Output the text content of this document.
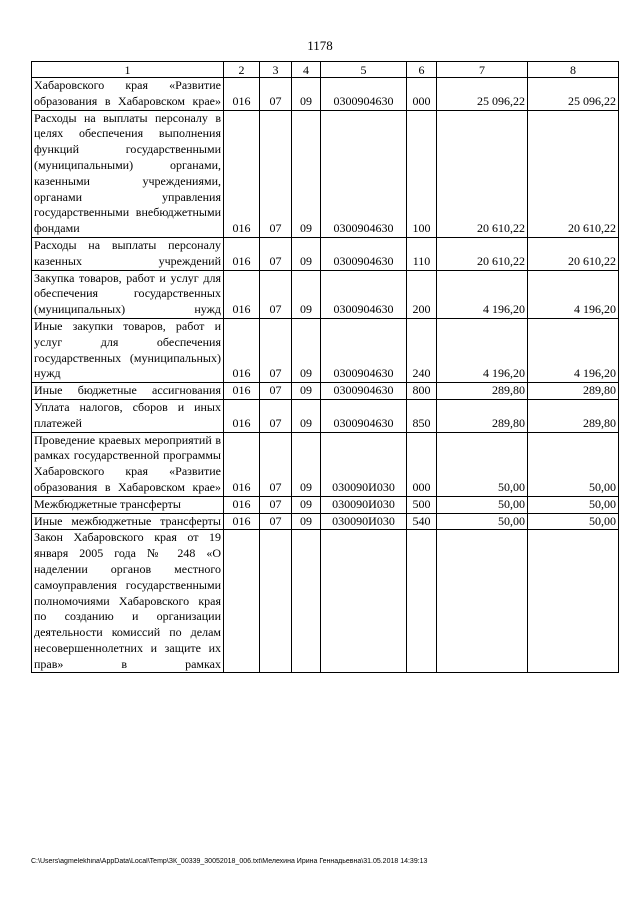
1178
1	2	3	4	5	6	7	8
Хабаровского края «Развитие образования в Хабаровском крае»	016	07	09	0300904630	000	25 096,22	25 096,22
Расходы на выплаты персоналу в целях обеспечения выполнения функций государственными (муниципальными) органами, казенными учреждениями, органами управления государственными внебюджетными фондами	016	07	09	0300904630	100	20 610,22	20 610,22
Расходы на выплаты персоналу казенных учреждений	016	07	09	0300904630	110	20 610,22	20 610,22
Закупка товаров, работ и услуг для обеспечения государственных (муниципальных) нужд	016	07	09	0300904630	200	4 196,20	4 196,20
Иные закупки товаров, работ и услуг для обеспечения государственных (муниципальных) нужд	016	07	09	0300904630	240	4 196,20	4 196,20
Иные бюджетные ассигнования	016	07	09	0300904630	800	289,80	289,80
Уплата налогов, сборов и иных платежей	016	07	09	0300904630	850	289,80	289,80
Проведение краевых мероприятий в рамках государственной программы Хабаровского края «Развитие образования в Хабаровском крае»	016	07	09	030090И030	000	50,00	50,00
Межбюджетные трансферты	016	07	09	030090И030	500	50,00	50,00
Иные межбюджетные трансферты	016	07	09	030090И030	540	50,00	50,00
Закон Хабаровского края от 19 января 2005 года № 248 «О наделении органов местного самоуправления государственными полномочиями Хабаровского края по созданию и организации деятельности комиссий по делам несовершеннолетних и защите их прав» в рамках							
C:\Users\agmelekhina\AppData\Local\Temp\ЗК_00339_30052018_006.txt\Мелехина Ирина Геннадьевна\31.05.2018 14:39:13
